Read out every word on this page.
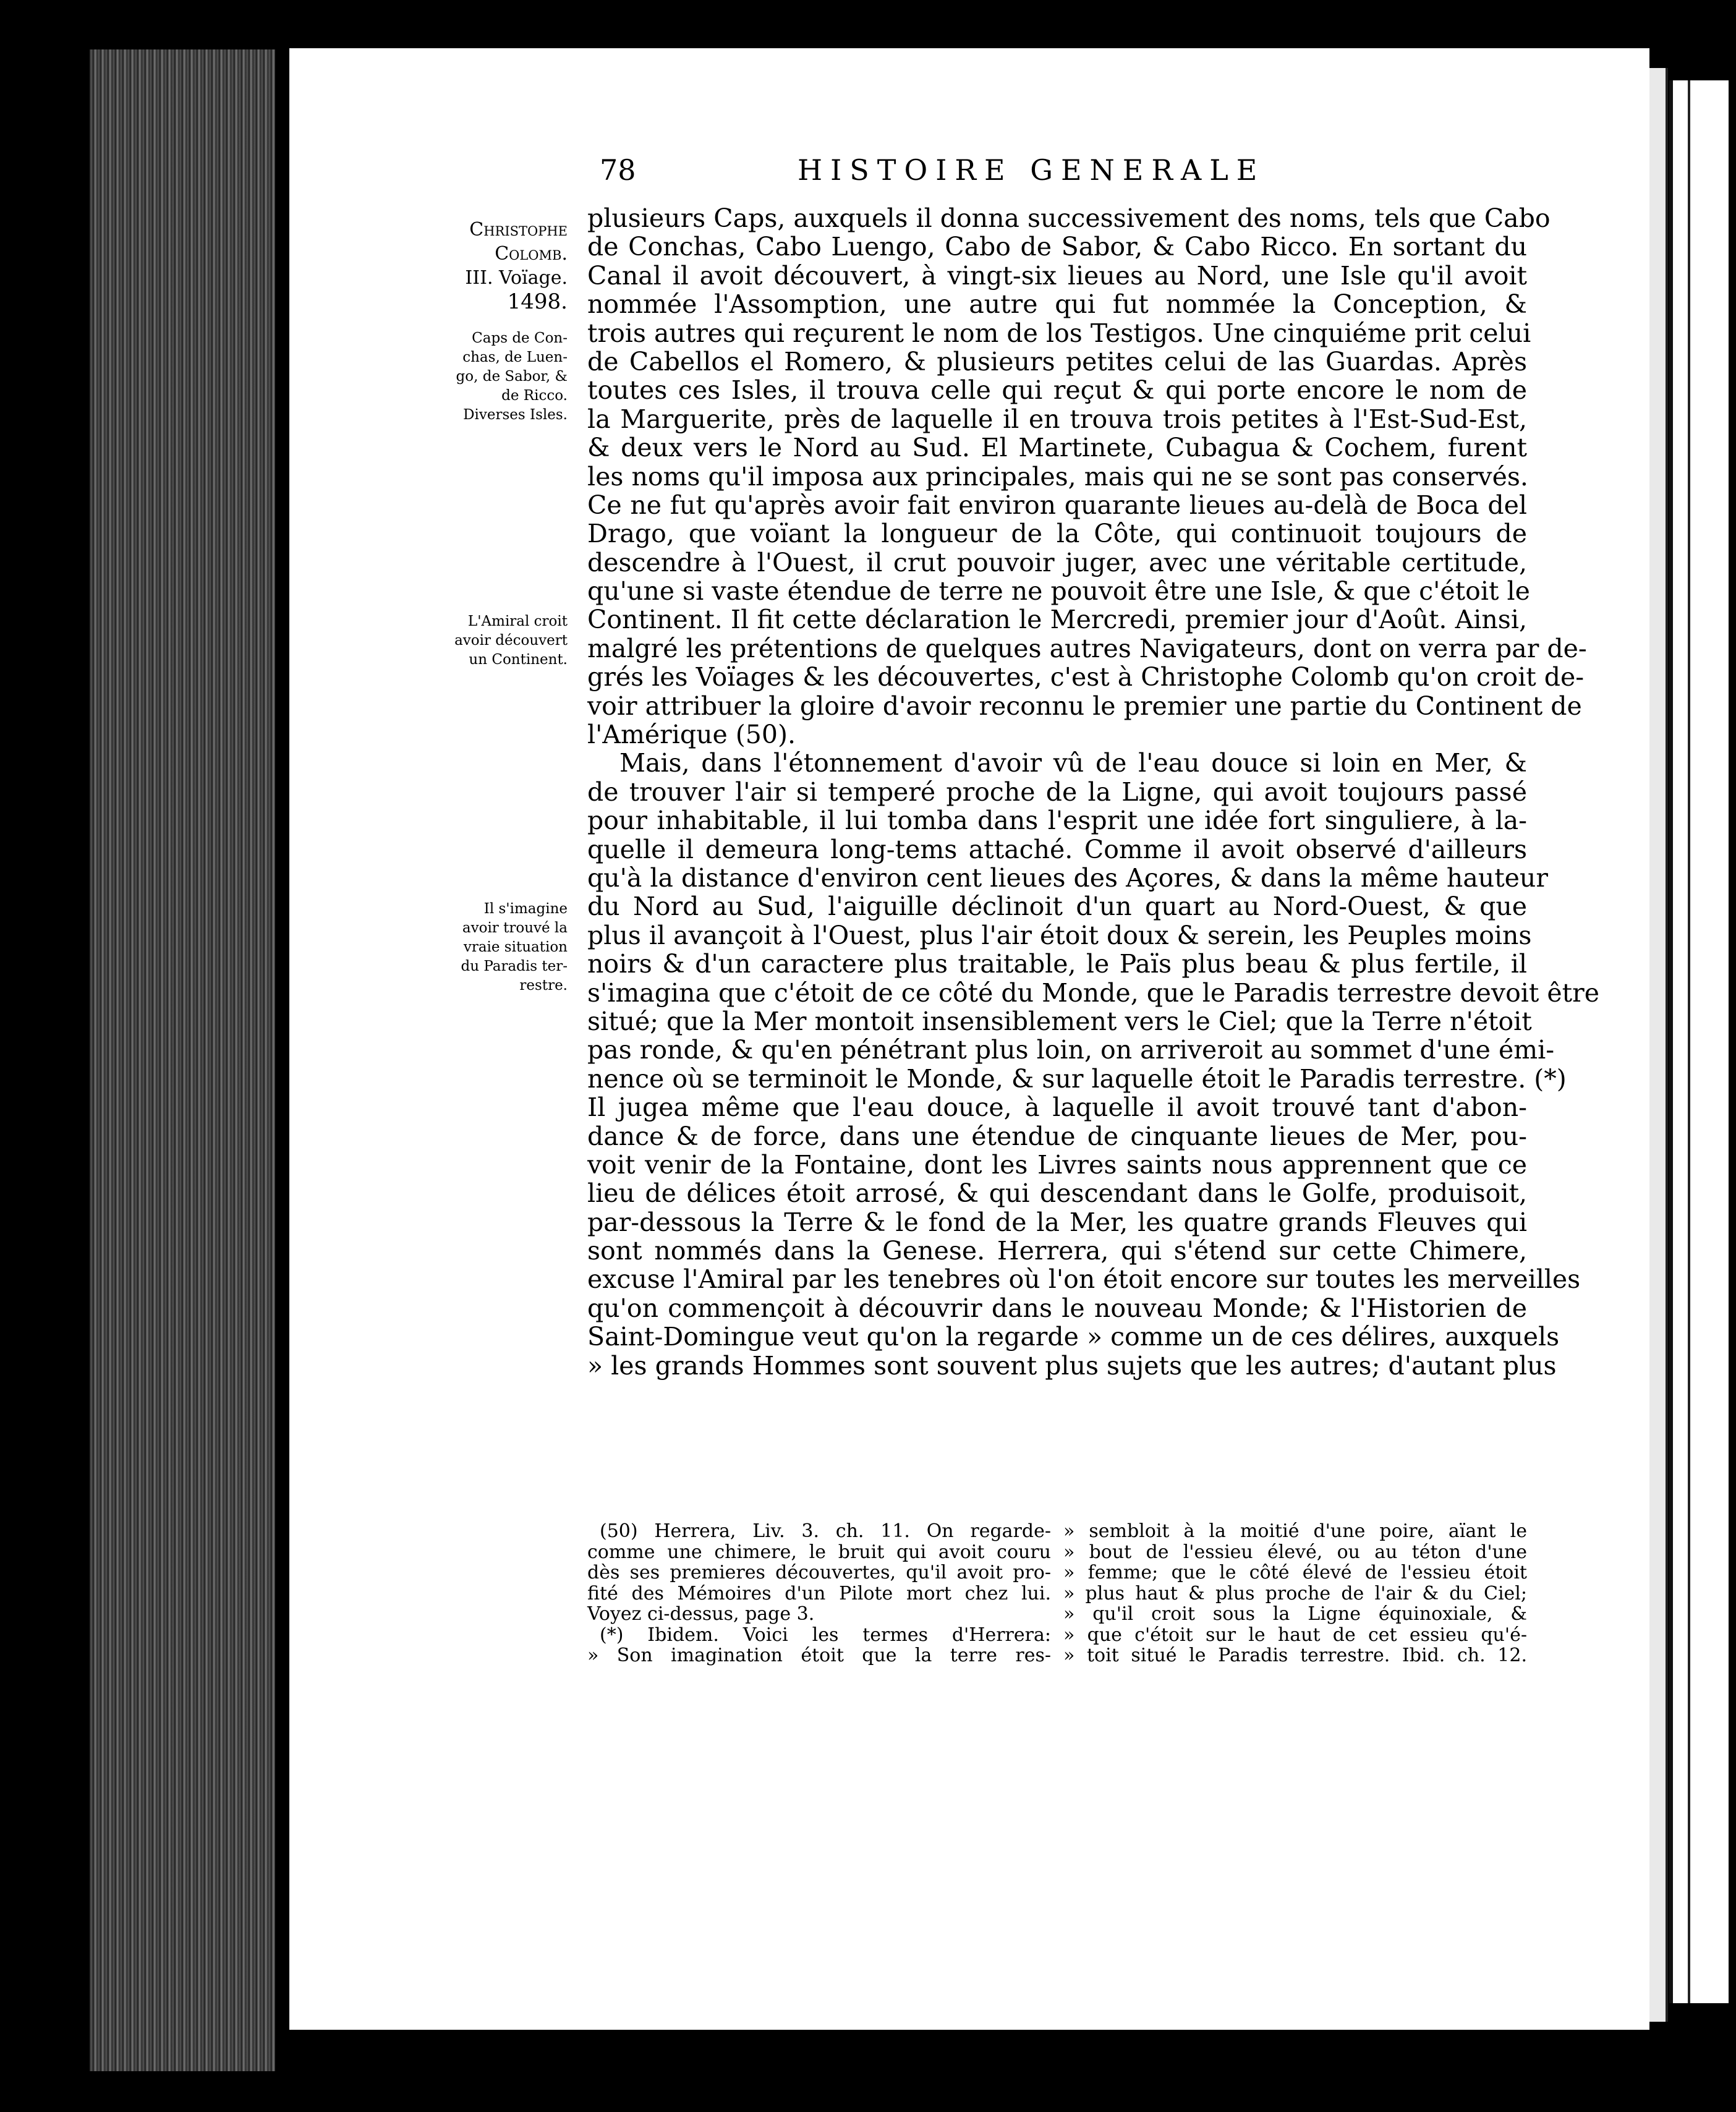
78	HISTOIRE GENERALE
Christophe
Colomb.
III. Voïage.
1498.
Caps de Con-
chas, de Luen-
go, de Sabor, &
de Ricco.
Diverses Isles.
L'Amiral croit
avoir découvert
un Continent.
Il s'imagine
avoir trouvé la
vraie situation
du Paradis ter-
restre.
plusieurs Caps, auxquels il donna successivement des noms, tels que Cabo
de Conchas, Cabo Luengo, Cabo de Sabor, & Cabo Ricco. En sortant du
Canal il avoit découvert, à vingt-six lieues au Nord, une Isle qu'il avoit
nommée l'Assomption, une autre qui fut nommée la Conception, &
trois autres qui reçurent le nom de los Testigos. Une cinquiéme prit celui
de Cabellos el Romero, & plusieurs petites celui de las Guardas. Après
toutes ces Isles, il trouva celle qui reçut & qui porte encore le nom de
la Marguerite, près de laquelle il en trouva trois petites à l'Est-Sud-Est,
& deux vers le Nord au Sud. El Martinete, Cubagua & Cochem, furent
les noms qu'il imposa aux principales, mais qui ne se sont pas conservés.
Ce ne fut qu'après avoir fait environ quarante lieues au-delà de Boca del
Drago, que voïant la longueur de la Côte, qui continuoit toujours de
descendre à l'Ouest, il crut pouvoir juger, avec une véritable certitude,
qu'une si vaste étendue de terre ne pouvoit être une Isle, & que c'étoit le
Continent. Il fit cette déclaration le Mercredi, premier jour d'Août. Ainsi,
malgré les prétentions de quelques autres Navigateurs, dont on verra par de-
grés les Voïages & les découvertes, c'est à Christophe Colomb qu'on croit de-
voir attribuer la gloire d'avoir reconnu le premier une partie du Continent de
l'Amérique (50).
Mais, dans l'étonnement d'avoir vû de l'eau douce si loin en Mer, &
de trouver l'air si temperé proche de la Ligne, qui avoit toujours passé
pour inhabitable, il lui tomba dans l'esprit une idée fort singuliere, à la-
quelle il demeura long-tems attaché. Comme il avoit observé d'ailleurs
qu'à la distance d'environ cent lieues des Açores, & dans la même hauteur
du Nord au Sud, l'aiguille déclinoit d'un quart au Nord-Ouest, & que
plus il avançoit à l'Ouest, plus l'air étoit doux & serein, les Peuples moins
noirs & d'un caractere plus traitable, le Païs plus beau & plus fertile, il
s'imagina que c'étoit de ce côté du Monde, que le Paradis terrestre devoit être
situé; que la Mer montoit insensiblement vers le Ciel; que la Terre n'étoit
pas ronde, & qu'en pénétrant plus loin, on arriveroit au sommet d'une émi-
nence où se terminoit le Monde, & sur laquelle étoit le Paradis terrestre. (*)
Il jugea même que l'eau douce, à laquelle il avoit trouvé tant d'abon-
dance & de force, dans une étendue de cinquante lieues de Mer, pou-
voit venir de la Fontaine, dont les Livres saints nous apprennent que ce
lieu de délices étoit arrosé, & qui descendant dans le Golfe, produisoit,
par-dessous la Terre & le fond de la Mer, les quatre grands Fleuves qui
sont nommés dans la Genese. Herrera, qui s'étend sur cette Chimere,
excuse l'Amiral par les tenebres où l'on étoit encore sur toutes les merveilles
qu'on commençoit à découvrir dans le nouveau Monde; & l'Historien de
Saint-Domingue veut qu'on la regarde » comme un de ces délires, auxquels
» les grands Hommes sont souvent plus sujets que les autres; d'autant plus
(50) Herrera, Liv. 3. ch. 11. On regarde-
comme une chimere, le bruit qui avoit couru
dès ses premieres découvertes, qu'il avoit pro-
fité des Mémoires d'un Pilote mort chez lui.
Voyez ci-dessus, page 3.
(*) Ibidem. Voici les termes d'Herrera:
» Son imagination étoit que la terre res-
» sembloit à la moitié d'une poire, aïant le
» bout de l'essieu élevé, ou au téton d'une
» femme; que le côté élevé de l'essieu étoit
» plus haut & plus proche de l'air & du Ciel;
» qu'il croit sous la Ligne équinoxiale, &
» que c'étoit sur le haut de cet essieu qu'é-
» toit situé le Paradis terrestre. Ibid. ch. 12.
